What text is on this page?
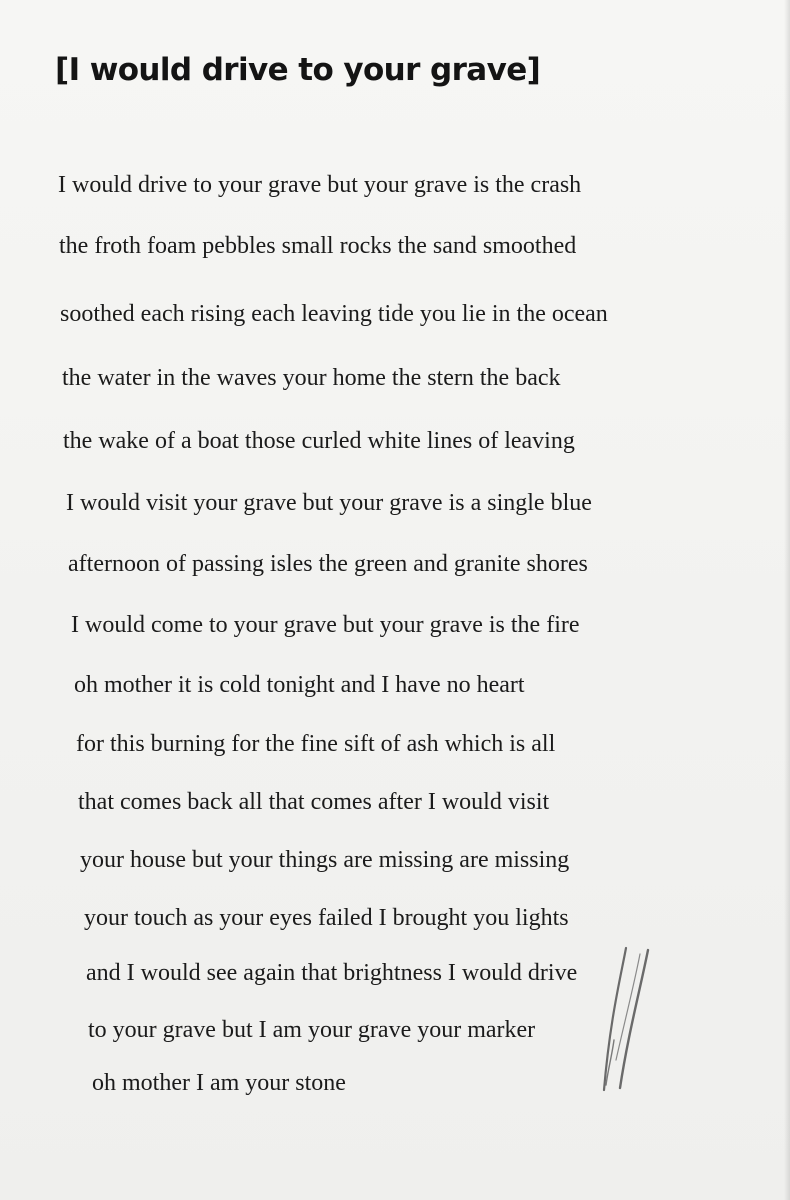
[I would drive to your grave]

I would drive to your grave but your grave is the crash

the froth foam pebbles small rocks the sand smoothed

soothed each rising each leaving tide you lie in the ocean

the water in the waves your home the stern the back

the wake of a boat those curled white lines of leaving

I would visit your grave but your grave is a single blue

afternoon of passing isles the green and granite shores

I would come to your grave but your grave is the fire

oh mother it is cold tonight and I have no heart

for this burning for the fine sift of ash which is all

that comes back all that comes after I would visit

your house but your things are missing are missing

your touch as your eyes failed I brought you lights

and I would see again that brightness I would drive

to your grave but I am your grave your marker

oh mother I am your stone
